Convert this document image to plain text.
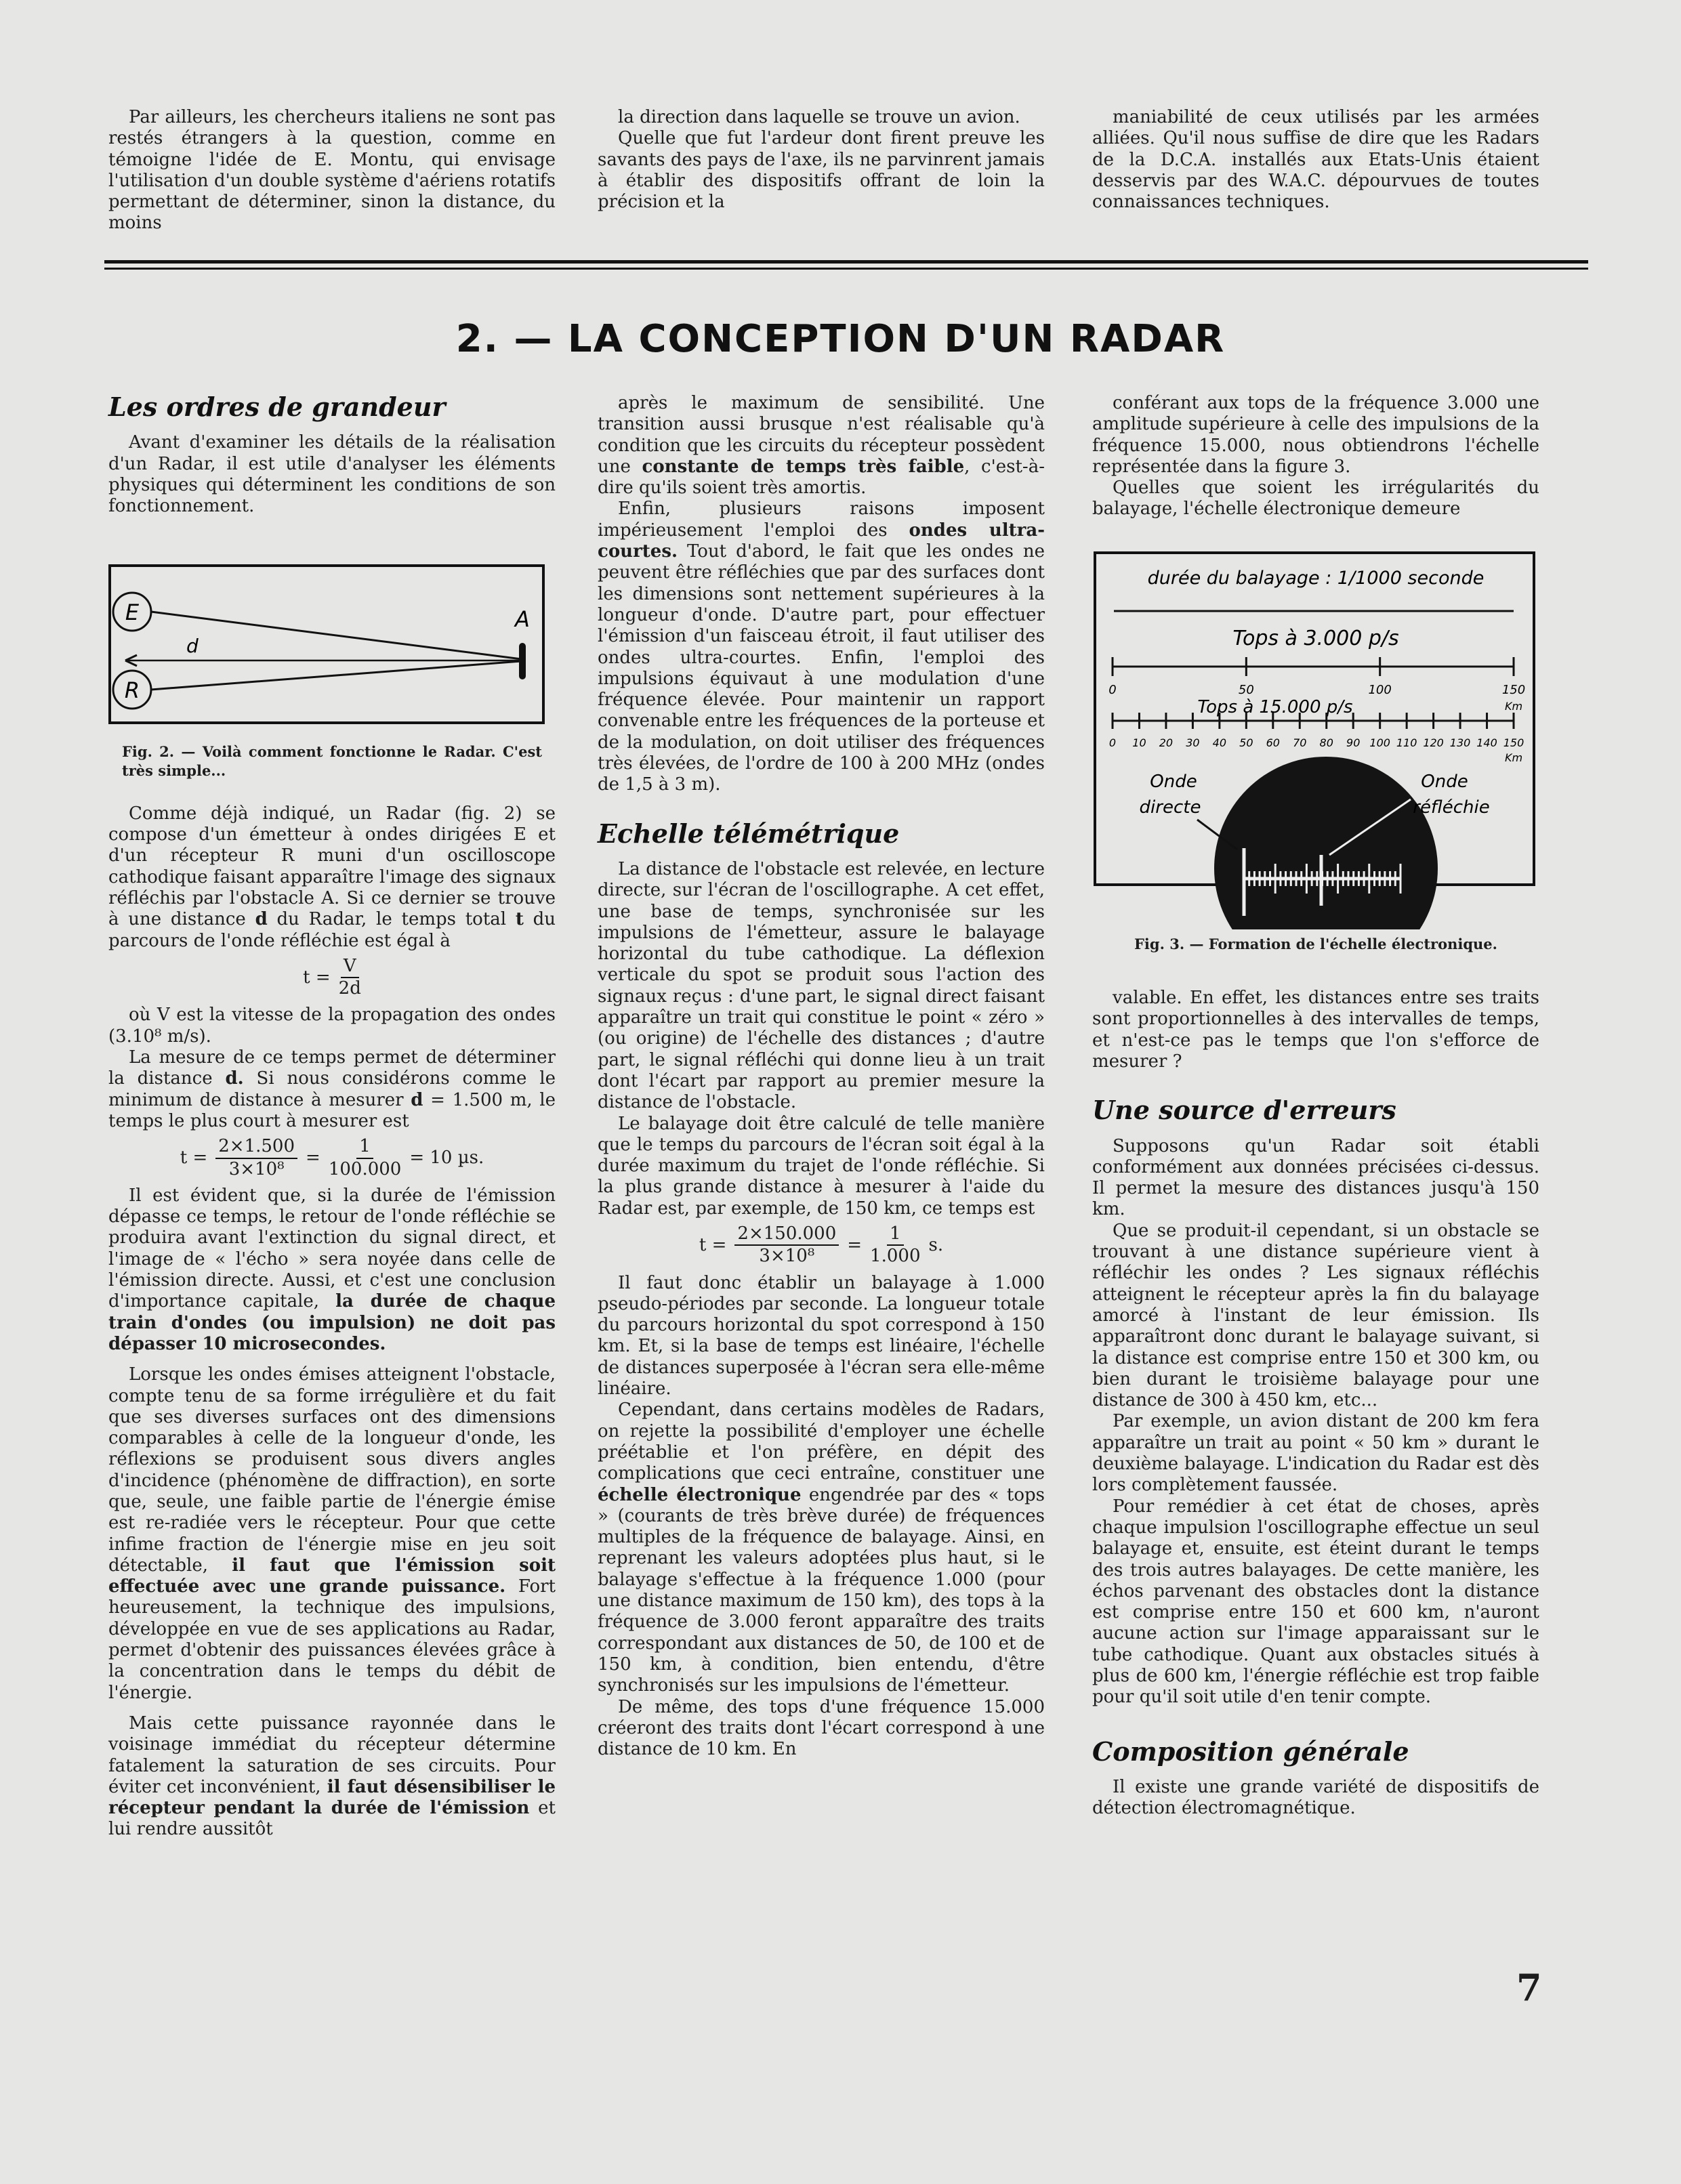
Par ailleurs, les chercheurs italiens ne sont pas restés étrangers à la question, comme en témoigne l'idée de E. Montu, qui envisage l'utilisation d'un double système d'aériens rotatifs permettant de déterminer, sinon la distance, du moins

la direction dans laquelle se trouve un avion.

Quelle que fut l'ardeur dont firent preuve les savants des pays de l'axe, ils ne parvinrent jamais à établir des dispositifs offrant de loin la précision et la

maniabilité de ceux utilisés par les armées alliées. Qu'il nous suffise de dire que les Radars de la D.C.A. installés aux Etats-Unis étaient desservis par des W.A.C. dépourvues de toutes connaissances techniques.

2. — LA CONCEPTION D'UN RADAR
Les ordres de grandeur

Avant d'examiner les détails de la réalisation d'un Radar, il est utile d'analyser les éléments physiques qui déterminent les conditions de son fonctionnement.

E
R
d
A
Fig. 2. — Voilà comment fonctionne le Radar. C'est très simple...

Comme déjà indiqué, un Radar (fig. 2) se compose d'un émetteur à ondes dirigées E et d'un récepteur R muni d'un oscilloscope cathodique faisant apparaître l'image des signaux réfléchis par l'obstacle A. Si ce dernier se trouve à une distance d du Radar, le temps total t du parcours de l'onde réfléchie est égal à

$t = \frac{V}{2d}$

où V est la vitesse de la propagation des ondes (3.10⁸ m/s).

La mesure de ce temps permet de déterminer la distance d. Si nous considérons comme le minimum de distance à mesurer d = 1.500 m, le temps le plus court à mesurer est

$t = \frac{2\times 1.500}{\text{3×10⁸}} = \frac{1}{100.000} = 10$ µs.

Il est évident que, si la durée de l'émission dépasse ce temps, le retour de l'onde réfléchie se produira avant l'extinction du signal direct, et l'image de « l'écho » sera noyée dans celle de l'émission directe. Aussi, et c'est une conclusion d'importance capitale, la durée de chaque train d'ondes (ou impulsion) ne doit pas dépasser 10 microsecondes.

Lorsque les ondes émises atteignent l'obstacle, compte tenu de sa forme irrégulière et du fait que ses diverses surfaces ont des dimensions comparables à celle de la longueur d'onde, les réflexions se produisent sous divers angles d'incidence (phénomène de diffraction), en sorte que, seule, une faible partie de l'énergie émise est re-radiée vers le récepteur. Pour que cette infime fraction de l'énergie mise en jeu soit détectable, il faut que l'émission soit effectuée avec une grande puissance. Fort heureusement, la technique des impulsions, développée en vue de ses applications au Radar, permet d'obtenir des puissances élevées grâce à la concentration dans le temps du débit de l'énergie.

Mais cette puissance rayonnée dans le voisinage immédiat du récepteur détermine fatalement la saturation de ses circuits. Pour éviter cet inconvénient, il faut désensibiliser le récepteur pendant la durée de l'émission et lui rendre aussitôt

après le maximum de sensibilité. Une transition aussi brusque n'est réalisable qu'à condition que les circuits du récepteur possèdent une constante de temps très faible, c'est-à-dire qu'ils soient très amortis.

Enfin, plusieurs raisons imposent impérieusement l'emploi des ondes ultra-courtes. Tout d'abord, le fait que les ondes ne peuvent être réfléchies que par des surfaces dont les dimensions sont nettement supérieures à la longueur d'onde. D'autre part, pour effectuer l'émission d'un faisceau étroit, il faut utiliser des ondes ultra-courtes. Enfin, l'emploi des impulsions équivaut à une modulation d'une fréquence élevée. Pour maintenir un rapport convenable entre les fréquences de la porteuse et de la modulation, on doit utiliser des fréquences très élevées, de l'ordre de 100 à 200 MHz (ondes de 1,5 à 3 m).

Echelle télémétrique

La distance de l'obstacle est relevée, en lecture directe, sur l'écran de l'oscillographe. A cet effet, une base de temps, synchronisée sur les impulsions de l'émetteur, assure le balayage horizontal du tube cathodique. La déflexion verticale du spot se produit sous l'action des signaux reçus : d'une part, le signal direct faisant apparaître un trait qui constitue le point « zéro » (ou origine) de l'échelle des distances ; d'autre part, le signal réfléchi qui donne lieu à un trait dont l'écart par rapport au premier mesure la distance de l'obstacle.

Le balayage doit être calculé de telle manière que le temps du parcours de l'écran soit égal à la durée maximum du trajet de l'onde réfléchie. Si la plus grande distance à mesurer à l'aide du Radar est, par exemple, de 150 km, ce temps est

$t = \frac{2\times 150.000}{\text{3×10⁸}} = \frac{1}{1.000} s$.

Il faut donc établir un balayage à 1.000 pseudo-périodes par seconde. La longueur totale du parcours horizontal du spot correspond à 150 km. Et, si la base de temps est linéaire, l'échelle de distances superposée à l'écran sera elle-même linéaire.

Cependant, dans certains modèles de Radars, on rejette la possibilité d'employer une échelle préétablie et l'on préfère, en dépit des complications que ceci entraîne, constituer une échelle électronique engendrée par des « tops » (courants de très brève durée) de fréquences multiples de la fréquence de balayage. Ainsi, en reprenant les valeurs adoptées plus haut, si le balayage s'effectue à la fréquence 1.000 (pour une distance maximum de 150 km), des tops à la fréquence de 3.000 feront apparaître des traits correspondant aux distances de 50, de 100 et de 150 km, à condition, bien entendu, d'être synchronisés sur les impulsions de l'émetteur.

De même, des tops d'une fréquence 15.000 créeront des traits dont l'écart correspond à une distance de 10 km. En

conférant aux tops de la fréquence 3.000 une amplitude supérieure à celle des impulsions de la fréquence 15.000, nous obtiendrons l'échelle représentée dans la figure 3.

Quelles que soient les irrégularités du balayage, l'échelle électronique demeure

durée du balayage : 1/1000 seconde
Tops à 3.000 p/s
0	50	100	150
Km
Tops à 15.000 p/s
0 10 20 30 40 50 60 70 80 90 100 110 120 130 140 150
Km
Onde
directe
Onde
réfléchie
Fig. 3. — Formation de l'échelle électronique.

valable. En effet, les distances entre ses traits sont proportionnelles à des intervalles de temps, et n'est-ce pas le temps que l'on s'efforce de mesurer ?

Une source d'erreurs

Supposons qu'un Radar soit établi conformément aux données précisées ci-dessus. Il permet la mesure des distances jusqu'à 150 km.

Que se produit-il cependant, si un obstacle se trouvant à une distance supérieure vient à réfléchir les ondes ? Les signaux réfléchis atteignent le récepteur après la fin du balayage amorcé à l'instant de leur émission. Ils apparaîtront donc durant le balayage suivant, si la distance est comprise entre 150 et 300 km, ou bien durant le troisième balayage pour une distance de 300 à 450 km, etc...

Par exemple, un avion distant de 200 km fera apparaître un trait au point « 50 km » durant le deuxième balayage. L'indication du Radar est dès lors complètement faussée.

Pour remédier à cet état de choses, après chaque impulsion l'oscillographe effectue un seul balayage et, ensuite, est éteint durant le temps des trois autres balayages. De cette manière, les échos parvenant des obstacles dont la distance est comprise entre 150 et 600 km, n'auront aucune action sur l'image apparaissant sur le tube cathodique. Quant aux obstacles situés à plus de 600 km, l'énergie réfléchie est trop faible pour qu'il soit utile d'en tenir compte.

Composition générale

Il existe une grande variété de dispositifs de détection électromagnétique.

7
